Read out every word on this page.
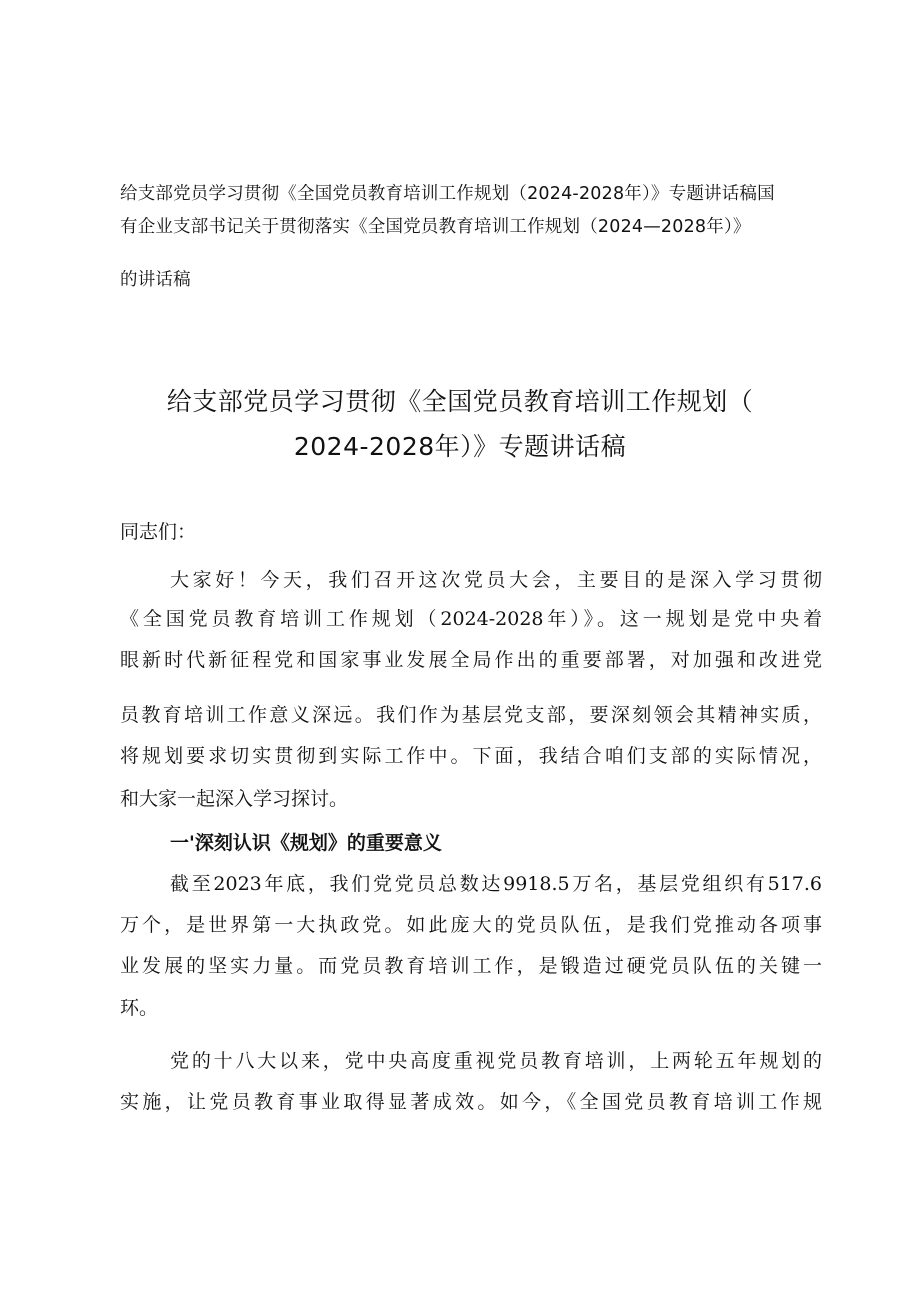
给支部党员学习贯彻《全国党员教育培训工作规划（2024-2028年）》专题讲话稿国
有企业支部书记关于贯彻落实《全国党员教育培训工作规划（2024—2028年）》
的讲话稿
给支部党员学习贯彻《全国党员教育培训工作规划（
2024-2028年）》专题讲话稿
同志们：
大家好！今天，我们召开这次党员大会，主要目的是深入学习贯彻
《全国党员教育培训工作规划（2024-2028年）》。这一规划是党中央着
眼新时代新征程党和国家事业发展全局作出的重要部署，对加强和改进党
员教育培训工作意义深远。我们作为基层党支部，要深刻领会其精神实质，
将规划要求切实贯彻到实际工作中。下面，我结合咱们支部的实际情况，
和大家一起深入学习探讨。
一'深刻认识《规划》的重要意义
截至2023年底，我们党党员总数达9918.5万名，基层党组织有517.6
万个，是世界第一大执政党。如此庞大的党员队伍，是我们党推动各项事
业发展的坚实力量。而党员教育培训工作，是锻造过硬党员队伍的关键一
环。
党的十八大以来，党中央高度重视党员教育培训，上两轮五年规划的
实施，让党员教育事业取得显著成效。如今，《全国党员教育培训工作规
